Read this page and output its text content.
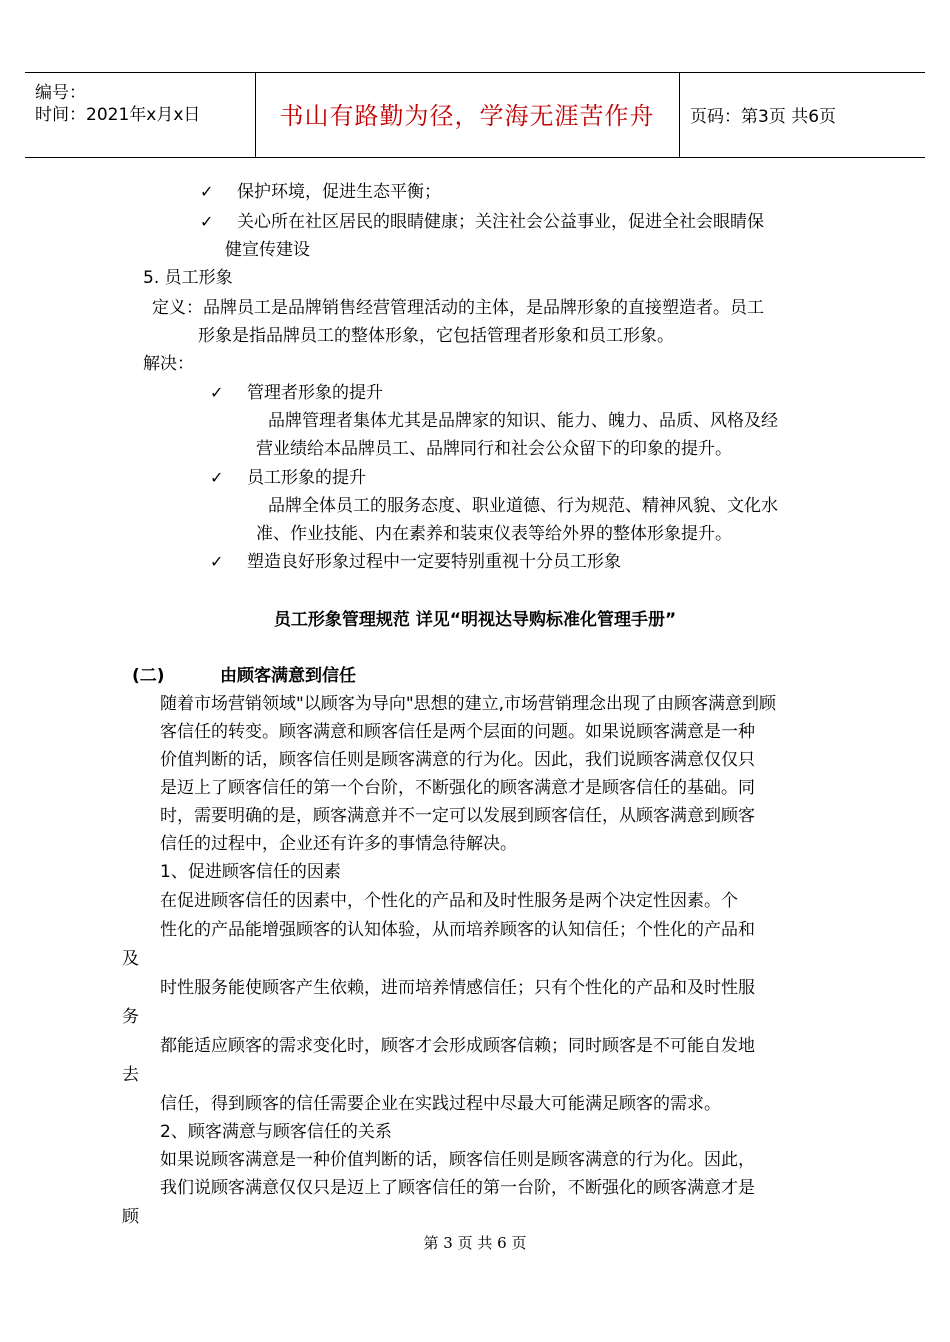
编号：
时间：2021年x月x日	书山有路勤为径，学海无涯苦作舟	页码：第3页 共6页
✓ 保护环境，促进生态平衡；
✓ 关心所在社区居民的眼睛健康；关注社会公益事业，促进全社会眼睛保
健宣传建设
5. 员工形象
定义：品牌员工是品牌销售经营管理活动的主体，是品牌形象的直接塑造者。员工
形象是指品牌员工的整体形象，它包括管理者形象和员工形象。
解决：
✓ 管理者形象的提升
品牌管理者集体尤其是品牌家的知识、能力、魄力、品质、风格及经
营业绩给本品牌员工、品牌同行和社会公众留下的印象的提升。
✓ 员工形象的提升
品牌全体员工的服务态度、职业道德、行为规范、精神风貌、文化水
准、作业技能、内在素养和装束仪表等给外界的整体形象提升。
✓ 塑造良好形象过程中一定要特别重视十分员工形象
员工形象管理规范 详见“明视达导购标准化管理手册”
(二)	由顾客满意到信任
随着市场营销领域"以顾客为导向"思想的建立,市场营销理念出现了由顾客满意到顾
客信任的转变。顾客满意和顾客信任是两个层面的问题。如果说顾客满意是一种
价值判断的话，顾客信任则是顾客满意的行为化。因此，我们说顾客满意仅仅只
是迈上了顾客信任的第一个台阶，不断强化的顾客满意才是顾客信任的基础。同
时，需要明确的是，顾客满意并不一定可以发展到顾客信任，从顾客满意到顾客
信任的过程中，企业还有许多的事情急待解决。
1、促进顾客信任的因素
在促进顾客信任的因素中，个性化的产品和及时性服务是两个决定性因素。个
性化的产品能增强顾客的认知体验，从而培养顾客的认知信任；个性化的产品和
及
时性服务能使顾客产生依赖，进而培养情感信任；只有个性化的产品和及时性服
务
都能适应顾客的需求变化时，顾客才会形成顾客信赖；同时顾客是不可能自发地
去
信任，得到顾客的信任需要企业在实践过程中尽最大可能满足顾客的需求。
2、顾客满意与顾客信任的关系
如果说顾客满意是一种价值判断的话，顾客信任则是顾客满意的行为化。因此，
我们说顾客满意仅仅只是迈上了顾客信任的第一台阶，不断强化的顾客满意才是
顾
第 3 页 共 6 页
